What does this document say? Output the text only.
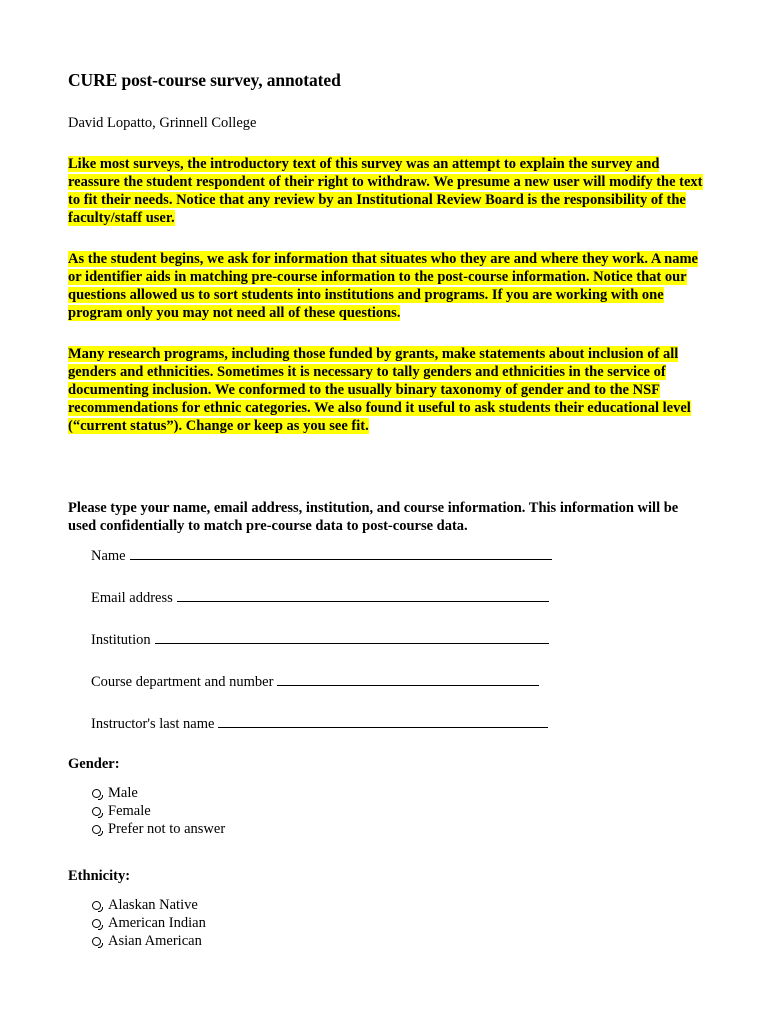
CURE post-course survey, annotated
David Lopatto, Grinnell College
Like most surveys, the introductory text of this survey was an attempt to explain the survey and reassure the student respondent of their right to withdraw. We presume a new user will modify the text to fit their needs. Notice that any review by an Institutional Review Board is the responsibility of the faculty/staff user.
As the student begins, we ask for information that situates who they are and where they work. A name or identifier aids in matching pre-course information to the post-course information. Notice that our questions allowed us to sort students into institutions and programs. If you are working with one program only you may not need all of these questions.
Many research programs, including those funded by grants, make statements about inclusion of all genders and ethnicities. Sometimes it is necessary to tally genders and ethnicities in the service of documenting inclusion. We conformed to the usually binary taxonomy of gender and to the NSF recommendations for ethnic categories. We also found it useful to ask students their educational level (“current status”). Change or keep as you see fit.
Please type your name, email address, institution, and course information. This information will be used confidentially to match pre-course data to post-course data.
Name
Email address
Institution
Course department and number
Instructor's last name
Gender:
Male
Female
Prefer not to answer
Ethnicity:
Alaskan Native
American Indian
Asian American
